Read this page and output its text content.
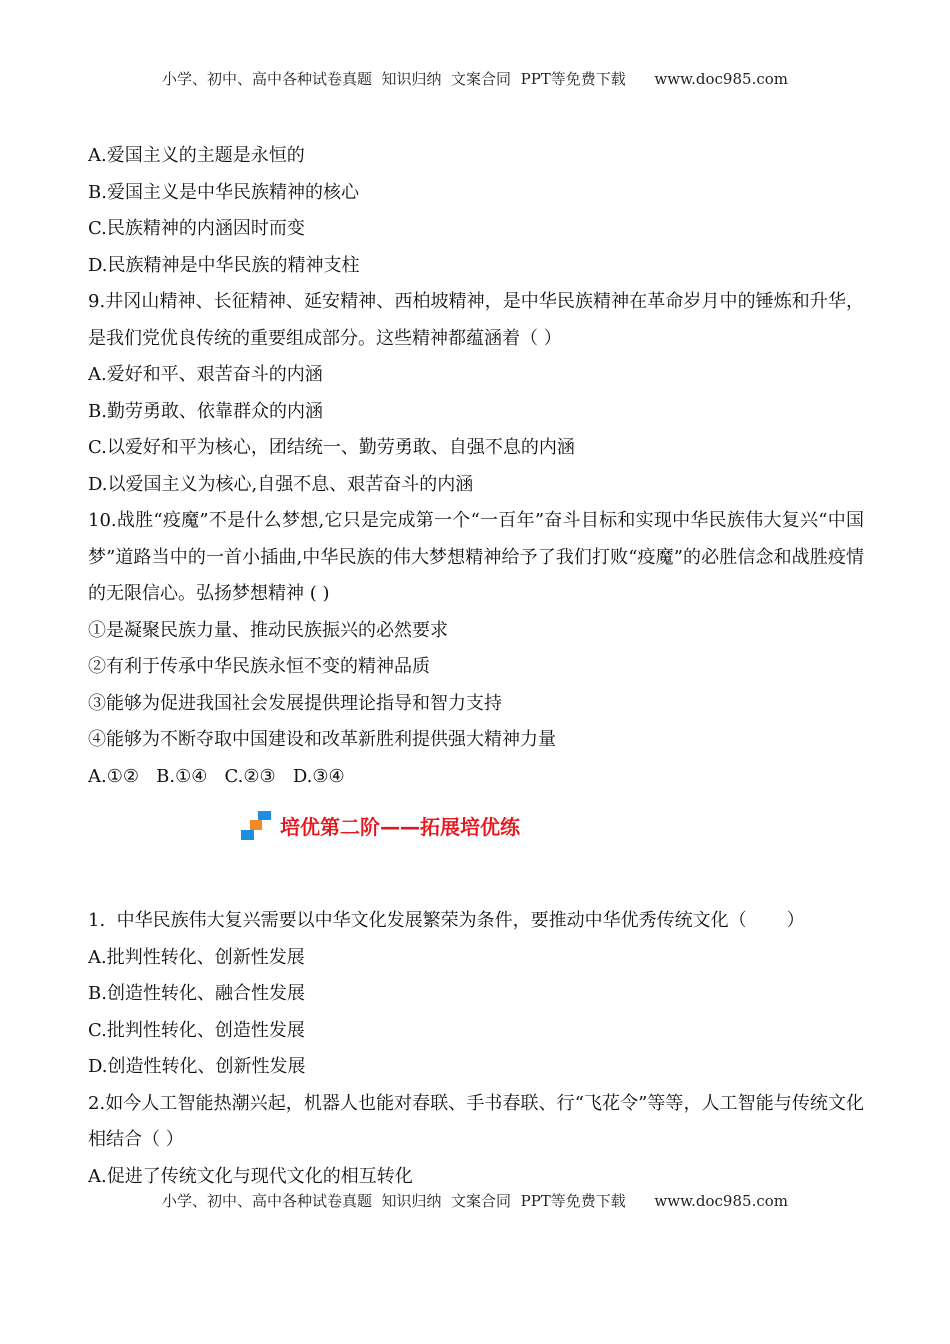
小学、初中、高中各种试卷真题  知识归纳  文案合同  PPT等免费下载      www.doc985.com

A.爱国主义的主题是永恒的

B.爱国主义是中华民族精神的核心

C.民族精神的内涵因时而变

D.民族精神是中华民族的精神支柱

9.井冈山精神、长征精神、延安精神、西柏坡精神，是中华民族精神在革命岁月中的锤炼和升华，是我们党优良传统的重要组成部分。这些精神都蕴涵着（ ）

A.爱好和平、艰苦奋斗的内涵

B.勤劳勇敢、依靠群众的内涵

C.以爱好和平为核心，团结统一、勤劳勇敢、自强不息的内涵

D.以爱国主义为核心,自强不息、艰苦奋斗的内涵

10.战胜“疫魔”不是什么梦想,它只是完成第一个“一百年”奋斗目标和实现中华民族伟大复兴“中国梦”道路当中的一首小插曲,中华民族的伟大梦想精神给予了我们打败“疫魔”的必胜信念和战胜疫情的无限信心。弘扬梦想精神 ( )

①是凝聚民族力量、推动民族振兴的必然要求

②有利于传承中华民族永恒不变的精神品质

③能够为促进我国社会发展提供理论指导和智力支持

④能够为不断夺取中国建设和改革新胜利提供强大精神力量

A.①②   B.①④   C.②③   D.③④

培优第二阶——拓展培优练

1.  中华民族伟大复兴需要以中华文化发展繁荣为条件，要推动中华优秀传统文化（       ）

A.批判性转化、创新性发展

B.创造性转化、融合性发展

C.批判性转化、创造性发展

D.创造性转化、创新性发展

2.如今人工智能热潮兴起，机器人也能对春联、手书春联、行“飞花令”等等，人工智能与传统文化相结合（ ）

A.促进了传统文化与现代文化的相互转化

小学、初中、高中各种试卷真题  知识归纳  文案合同  PPT等免费下载      www.doc985.com
